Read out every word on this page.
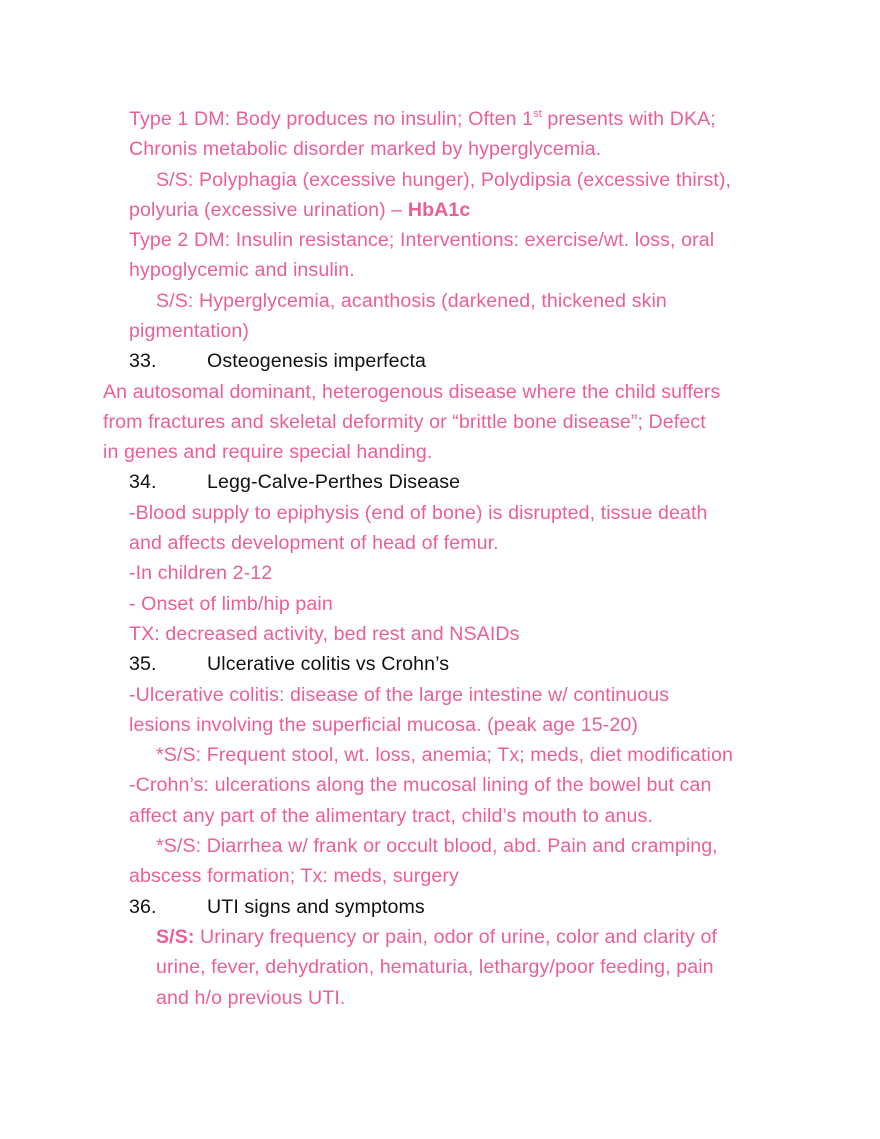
Type 1 DM: Body produces no insulin; Often 1st presents with DKA;
Chronis metabolic disorder marked by hyperglycemia.
S/S: Polyphagia (excessive hunger), Polydipsia (excessive thirst),
polyuria (excessive urination) – HbA1c
Type 2 DM: Insulin resistance; Interventions: exercise/wt. loss, oral
hypoglycemic and insulin.
S/S: Hyperglycemia, acanthosis (darkened, thickened skin
pigmentation)
33.	Osteogenesis imperfecta
An autosomal dominant, heterogenous disease where the child suffers
from fractures and skeletal deformity or “brittle bone disease”; Defect
in genes and require special handing.
34.	Legg-Calve-Perthes Disease
-Blood supply to epiphysis (end of bone) is disrupted, tissue death
and affects development of head of femur.
-In children 2-12
- Onset of limb/hip pain
TX: decreased activity, bed rest and NSAIDs
35.	Ulcerative colitis vs Crohn’s
-Ulcerative colitis: disease of the large intestine w/ continuous
lesions involving the superficial mucosa. (peak age 15-20)
*S/S: Frequent stool, wt. loss, anemia; Tx; meds, diet modification
-Crohn’s: ulcerations along the mucosal lining of the bowel but can
affect any part of the alimentary tract, child’s mouth to anus.
*S/S: Diarrhea w/ frank or occult blood, abd. Pain and cramping,
abscess formation; Tx: meds, surgery
36.	UTI signs and symptoms
S/S: Urinary frequency or pain, odor of urine, color and clarity of
urine, fever, dehydration, hematuria, lethargy/poor feeding, pain
and h/o previous UTI.
